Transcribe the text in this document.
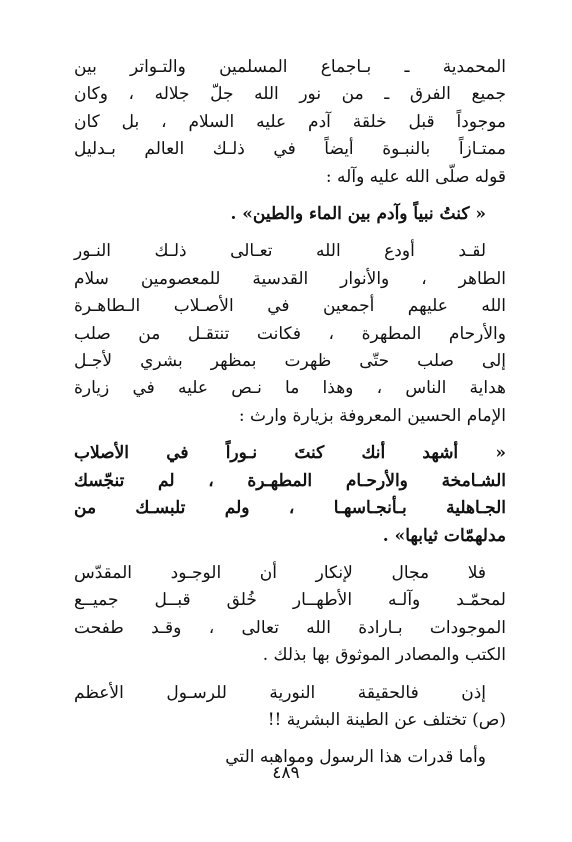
المحمدية ـ بـاجماع المسلمين والتـواتر بين
جميع الفرق ـ من نور الله جلّ جلاله ، وكان
موجوداً قبل خلقة آدم عليه السلام ، بل كان
ممتـازاً بالنبـوة أيضاً في ذلـك العالم بـدليل
قوله صلّى الله عليه وآله :

« كنتُ نبياً وآدم بين الماء والطين» .

لقـد أودع الله تعـالى ذلـك النـور
الطاهر ، والأنوار القدسية للمعصومين سلام
الله عليهم أجمعين في الأصـلاب الـطاهـرة
والأرحام المطهرة ، فكانت تنتقـل من صلب
إلى صلب حتّى ظهرت بمظهر بشري لأجـل
هداية الناس ، وهذا ما نـص عليه في زيارة
الإمام الحسين المعروفة بزيارة وارث :

« أشهد أنك كنتَ نـوراً في الأصلاب
الشـامخة والأرحـام المطهـرة ، لم تنجّسك
الجـاهلية بـأنجـاسهـا ، ولم تلبسـك من
مدلهمّات ثيابها» .

فلا مجال لإنكار أن الوجـود المقدّس
لمحمّـد وآلـه الأطهــار خُلق قبــل جميــع
الموجودات بـارادة الله تعالى ، وقـد طفحت
الكتب والمصادر الموثوق بها بذلك .

إذن فالحقيقة النورية للرسـول الأعظم
(ص) تختلف عن الطينة البشرية !!

وأما قدرات هذا الرسول ومواهبه التي

٤٨٩
